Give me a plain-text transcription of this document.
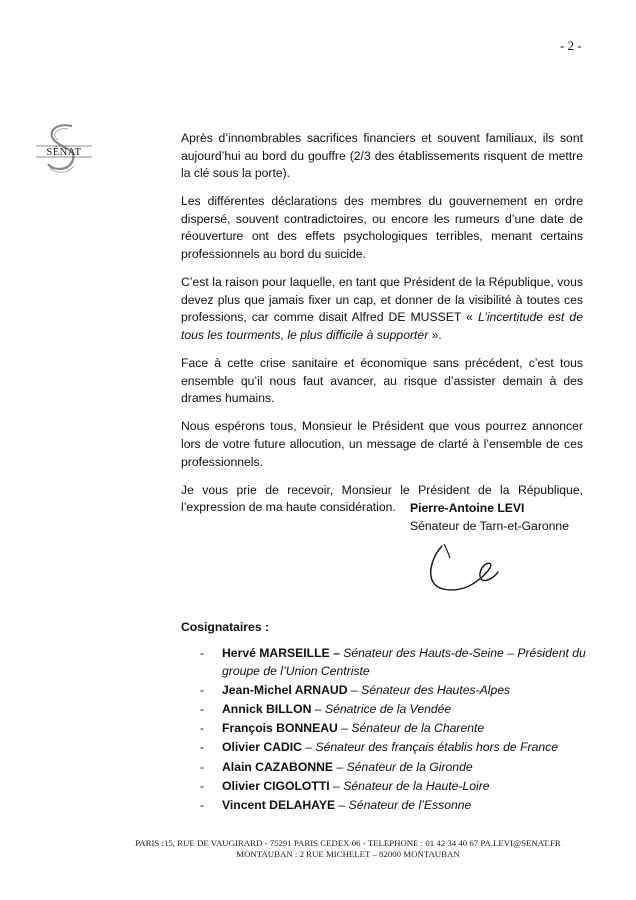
- 2 -
SÉNAT

Après d’innombrables sacrifices financiers et souvent familiaux, ils sont aujourd’hui au bord du gouffre (2/3 des établissements risquent de mettre la clé sous la porte).

Les différentes déclarations des membres du gouvernement en ordre dispersé, souvent contradictoires, ou encore les rumeurs d’une date de réouverture ont des effets psychologiques terribles, menant certains professionnels au bord du suicide.

C’est la raison pour laquelle, en tant que Président de la République, vous devez plus que jamais fixer un cap, et donner de la visibilité à toutes ces professions, car comme disait Alfred DE MUSSET « L’incertitude est de tous les tourments, le plus difficile à supporter ».

Face à cette crise sanitaire et économique sans précédent, c’est tous ensemble qu’il nous faut avancer, au risque d’assister demain à des drames humains.

Nous espérons tous, Monsieur le Président que vous pourrez annoncer lors de votre future allocution, un message de clarté à l’ensemble de ces professionnels.

Je vous prie de recevoir, Monsieur le Président de la République, l’expression de ma haute considération.	Pierre-Antoine LEVI
Sénateur de Tarn-et-Garonne
Cosignataires :
- Hervé MARSEILLE – Sénateur des Hauts-de-Seine – Président du groupe de l’Union Centriste
- Jean-Michel ARNAUD – Sénateur des Hautes-Alpes
- Annick BILLON – Sénatrice de la Vendée
- François BONNEAU – Sénateur de la Charente
- Olivier CADIC – Sénateur des français établis hors de France
- Alain CAZABONNE – Sénateur de la Gironde
- Olivier CIGOLOTTI – Sénateur de la Haute-Loire
- Vincent DELAHAYE – Sénateur de l’Essonne
PARIS :15, RUE DE VAUGIRARD - 75291 PARIS CEDEX 06 - TELEPHONE : 01 42 34 40 67 PA.LEVI@SENAT.FR
MONTAUBAN : 2 RUE MICHELET – 82000 MONTAUBAN
